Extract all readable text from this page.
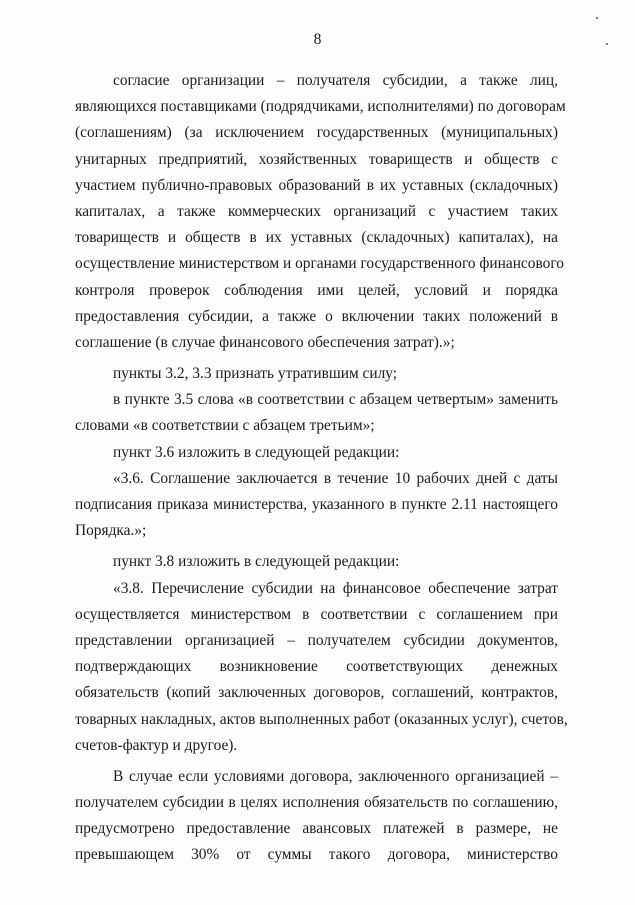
8
согласие организации – получателя субсидии, а также лиц,
являющихся поставщиками (подрядчиками, исполнителями) по договорам
(соглашениям) (за исключением государственных (муниципальных)
унитарных предприятий, хозяйственных товариществ и обществ с
участием публично-правовых образований в их уставных (складочных)
капиталах, а также коммерческих организаций с участием таких
товариществ и обществ в их уставных (складочных) капиталах), на
осуществление министерством и органами государственного финансового
контроля проверок соблюдения ими целей, условий и порядка
предоставления субсидии, а также о включении таких положений в
соглашение (в случае финансового обеспечения затрат).»;
пункты 3.2, 3.3 признать утратившим силу;
в пункте 3.5 слова «в соответствии с абзацем четвертым» заменить
словами «в соответствии с абзацем третьим»;
пункт 3.6 изложить в следующей редакции:
«3.6. Соглашение заключается в течение 10 рабочих дней с даты
подписания приказа министерства, указанного в пункте 2.11 настоящего
Порядка.»;
пункт 3.8 изложить в следующей редакции:
«3.8. Перечисление субсидии на финансовое обеспечение затрат
осуществляется министерством в соответствии с соглашением при
представлении организацией – получателем субсидии документов,
подтверждающих возникновение соответствующих денежных
обязательств (копий заключенных договоров, соглашений, контрактов,
товарных накладных, актов выполненных работ (оказанных услуг), счетов,
счетов-фактур и другое).
В случае если условиями договора, заключенного организацией –
получателем субсидии в целях исполнения обязательств по соглашению,
предусмотрено предоставление авансовых платежей в размере, не
превышающем 30% от суммы такого договора, министерство
